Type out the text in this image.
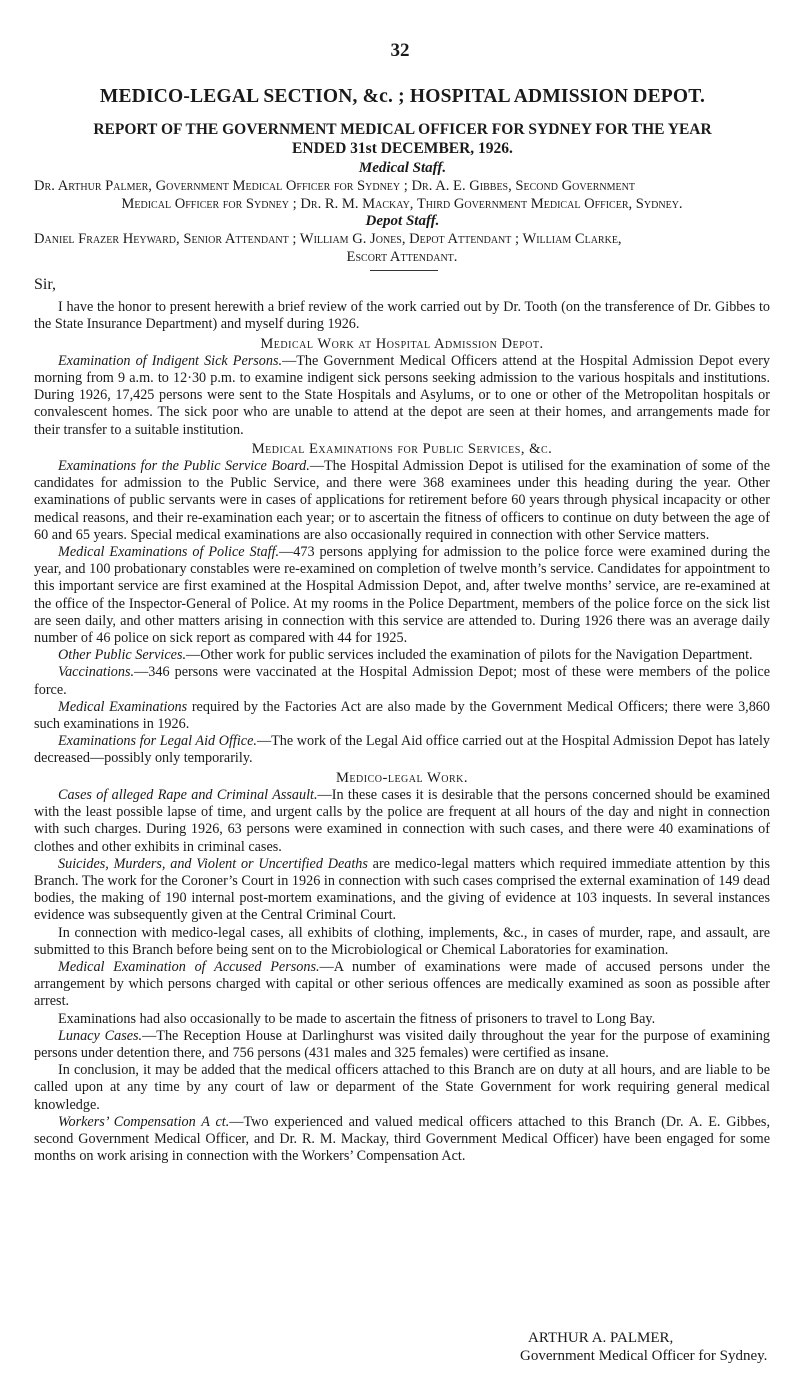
32
MEDICO-LEGAL SECTION, &c. ; HOSPITAL ADMISSION DEPOT.
REPORT OF THE GOVERNMENT MEDICAL OFFICER FOR SYDNEY FOR THE YEAR
ENDED 31st DECEMBER, 1926.
Medical Staff.
Dr. Arthur Palmer, Government Medical Officer for Sydney ; Dr. A. E. Gibbes, Second Government
Medical Officer for Sydney ; Dr. R. M. Mackay, Third Government Medical Officer, Sydney.
Depot Staff.
Daniel Frazer Heyward, Senior Attendant ; William G. Jones, Depot Attendant ; William Clarke,
Escort Attendant.

Sir,

I have the honor to present herewith a brief review of the work carried out by Dr. Tooth (on the transference of Dr. Gibbes to the State Insurance Department) and myself during 1926.

Medical Work at Hospital Admission Depot.

Examination of Indigent Sick Persons.—The Government Medical Officers attend at the Hospital Admission Depot every morning from 9 a.m. to 12·30 p.m. to examine indigent sick persons seeking admission to the various hospitals and institutions. During 1926, 17,425 persons were sent to the State Hospitals and Asylums, or to one or other of the Metropolitan hospitals or convalescent homes. The sick poor who are unable to attend at the depot are seen at their homes, and arrangements made for their transfer to a suitable institution.

Medical Examinations for Public Services, &c.

Examinations for the Public Service Board.—The Hospital Admission Depot is utilised for the examination of some of the candidates for admission to the Public Service, and there were 368 examinees under this heading during the year. Other examinations of public servants were in cases of applications for retirement before 60 years through physical incapacity or other medical reasons, and their re-examination each year; or to ascertain the fitness of officers to continue on duty between the age of 60 and 65 years. Special medical examinations are also occasionally required in connection with other Service matters.

Medical Examinations of Police Staff.—473 persons applying for admission to the police force were examined during the year, and 100 probationary constables were re-examined on completion of twelve month’s service. Candidates for appointment to this important service are first examined at the Hospital Admission Depot, and, after twelve months’ service, are re-examined at the office of the Inspector-General of Police. At my rooms in the Police Department, members of the police force on the sick list are seen daily, and other matters arising in connection with this service are attended to. During 1926 there was an average daily number of 46 police on sick report as compared with 44 for 1925.

Other Public Services.—Other work for public services included the examination of pilots for the Navigation Department.

Vaccinations.—346 persons were vaccinated at the Hospital Admission Depot; most of these were members of the police force.

Medical Examinations required by the Factories Act are also made by the Government Medical Officers; there were 3,860 such examinations in 1926.

Examinations for Legal Aid Office.—The work of the Legal Aid office carried out at the Hospital Admission Depot has lately decreased—possibly only temporarily.

Medico-legal Work.

Cases of alleged Rape and Criminal Assault.—In these cases it is desirable that the persons concerned should be examined with the least possible lapse of time, and urgent calls by the police are frequent at all hours of the day and night in connection with such charges. During 1926, 63 persons were examined in connection with such cases, and there were 40 examinations of clothes and other exhibits in criminal cases.

Suicides, Murders, and Violent or Uncertified Deaths are medico-legal matters which required immediate attention by this Branch. The work for the Coroner’s Court in 1926 in connection with such cases comprised the external examination of 149 dead bodies, the making of 190 internal post-mortem examinations, and the giving of evidence at 103 inquests. In several instances evidence was subsequently given at the Central Criminal Court.

In connection with medico-legal cases, all exhibits of clothing, implements, &c., in cases of murder, rape, and assault, are submitted to this Branch before being sent on to the Microbiological or Chemical Laboratories for examination.

Medical Examination of Accused Persons.—A number of examinations were made of accused persons under the arrangement by which persons charged with capital or other serious offences are medically examined as soon as possible after arrest.

Examinations had also occasionally to be made to ascertain the fitness of prisoners to travel to Long Bay.

Lunacy Cases.—The Reception House at Darlinghurst was visited daily throughout the year for the purpose of examining persons under detention there, and 756 persons (431 males and 325 females) were certified as insane.

In conclusion, it may be added that the medical officers attached to this Branch are on duty at all hours, and are liable to be called upon at any time by any court of law or deparment of the State Government for work requiring general medical knowledge.

Workers’ Compensation A ct.—Two experienced and valued medical officers attached to this Branch (Dr. A. E. Gibbes, second Government Medical Officer, and Dr. R. M. Mackay, third Government Medical Officer) have been engaged for some months on work arising in connection with the Workers’ Compensation Act.

ARTHUR A. PALMER,
Government Medical Officer for Sydney.
